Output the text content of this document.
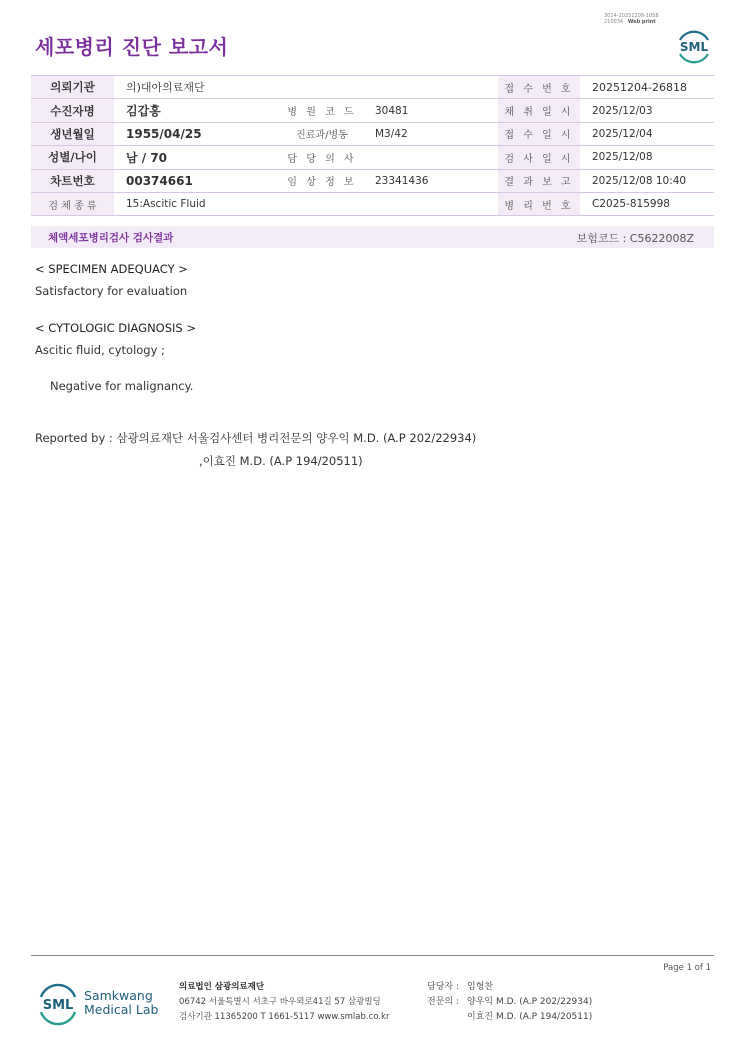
3014-20251208-1058
210034 Web print
세포병리 진단 보고서	SML
의뢰기관	의)대아의료재단			접 수 번 호	20251204-26818
수진자명	김갑홍	병 원 코 드	30481	채 취 일 시	2025/12/03
생년월일	1955/04/25	진료과/병동	M3/42	접 수 일 시	2025/12/04
성별/나이	남 / 70	담 당 의 사		검 사 일 시	2025/12/08
차트번호	00374661	임 상 정 보	23341436	결 과 보 고	2025/12/08 10:40
검 체 종 류	15:Ascitic Fluid			병 리 번 호	C2025-815998
체액세포병리검사 검사결과	보험코드 : C5622008Z
< SPECIMEN ADEQUACY >
Satisfactory for evaluation
< CYTOLOGIC DIAGNOSIS >
Ascitic fluid, cytology ;
Negative for malignancy.
Reported by : 삼광의료재단 서울검사센터 병리전문의 양우익 M.D. (A.P 202/22934)
,이효진 M.D. (A.P 194/20511)
Page 1 of 1
SML
Samkwang
Medical Lab
의료법인 삼광의료재단
06742 서울특별시 서초구 바우뫼로41길 57 삼광빌딩
검사기관 11365200 T 1661-5117 www.smlab.co.kr
담당자 : 임형찬
전문의 : 양우익 M.D. (A.P 202/22934)
이효진 M.D. (A.P 194/20511)
